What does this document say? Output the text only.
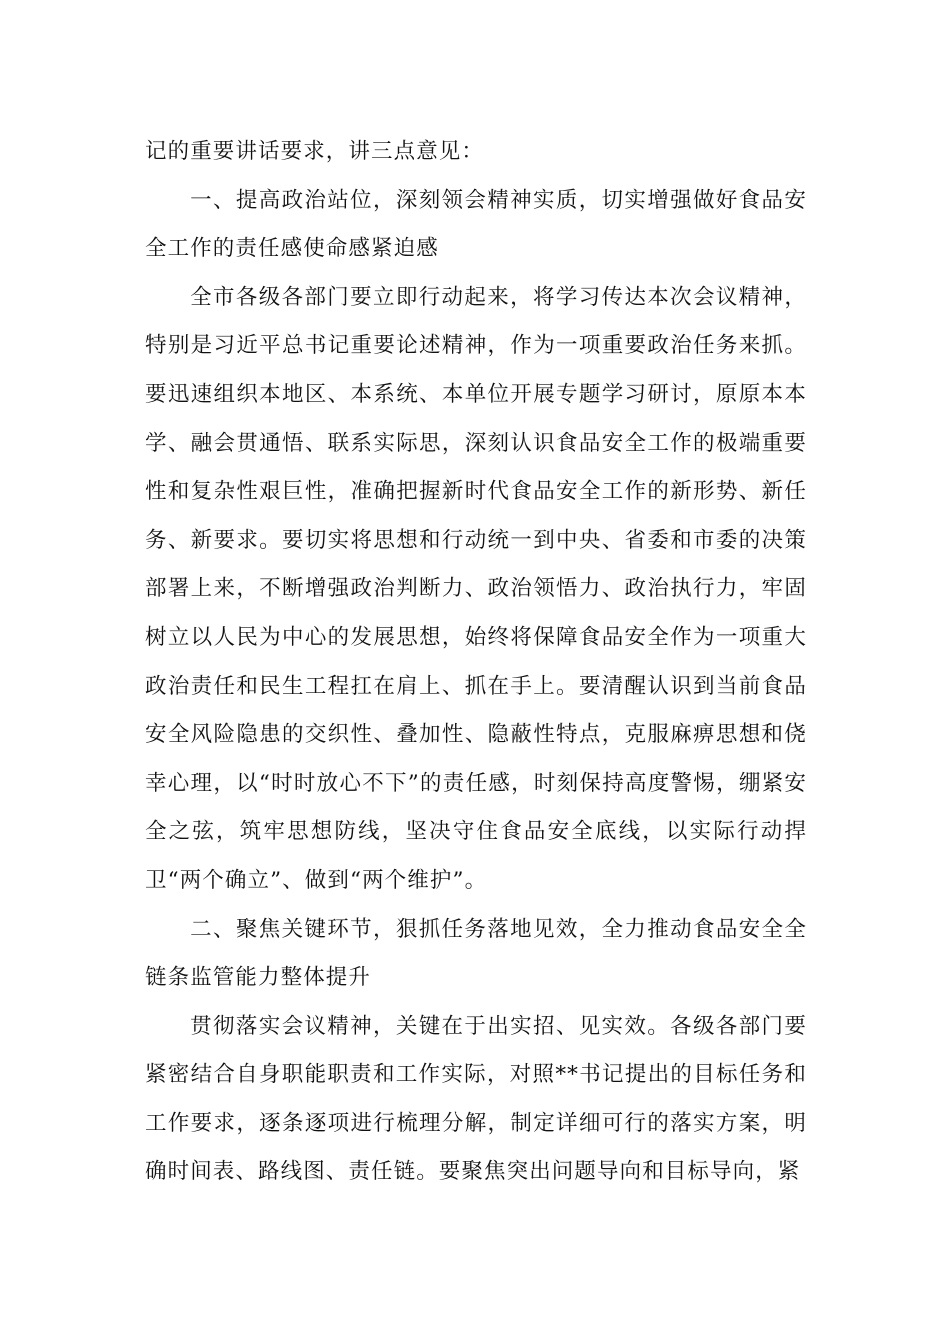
记的重要讲话要求，讲三点意见：

一、提高政治站位，深刻领会精神实质，切实增强做好食品安全工作的责任感使命感紧迫感

全市各级各部门要立即行动起来，将学习传达本次会议精神，特别是习近平总书记重要论述精神，作为一项重要政治任务来抓。要迅速组织本地区、本系统、本单位开展专题学习研讨，原原本本学、融会贯通悟、联系实际思，深刻认识食品安全工作的极端重要性和复杂性艰巨性，准确把握新时代食品安全工作的新形势、新任务、新要求。要切实将思想和行动统一到中央、省委和市委的决策部署上来，不断增强政治判断力、政治领悟力、政治执行力，牢固树立以人民为中心的发展思想，始终将保障食品安全作为一项重大政治责任和民生工程扛在肩上、抓在手上。要清醒认识到当前食品安全风险隐患的交织性、叠加性、隐蔽性特点，克服麻痹思想和侥幸心理，以“时时放心不下”的责任感，时刻保持高度警惕，绷紧安全之弦，筑牢思想防线，坚决守住食品安全底线，以实际行动捍卫“两个确立”、做到“两个维护”。

二、聚焦关键环节，狠抓任务落地见效，全力推动食品安全全链条监管能力整体提升

贯彻落实会议精神，关键在于出实招、见实效。各级各部门要紧密结合自身职能职责和工作实际，对照**书记提出的目标任务和工作要求，逐条逐项进行梳理分解，制定详细可行的落实方案，明确时间表、路线图、责任链。要聚焦突出问题导向和目标导向，紧
